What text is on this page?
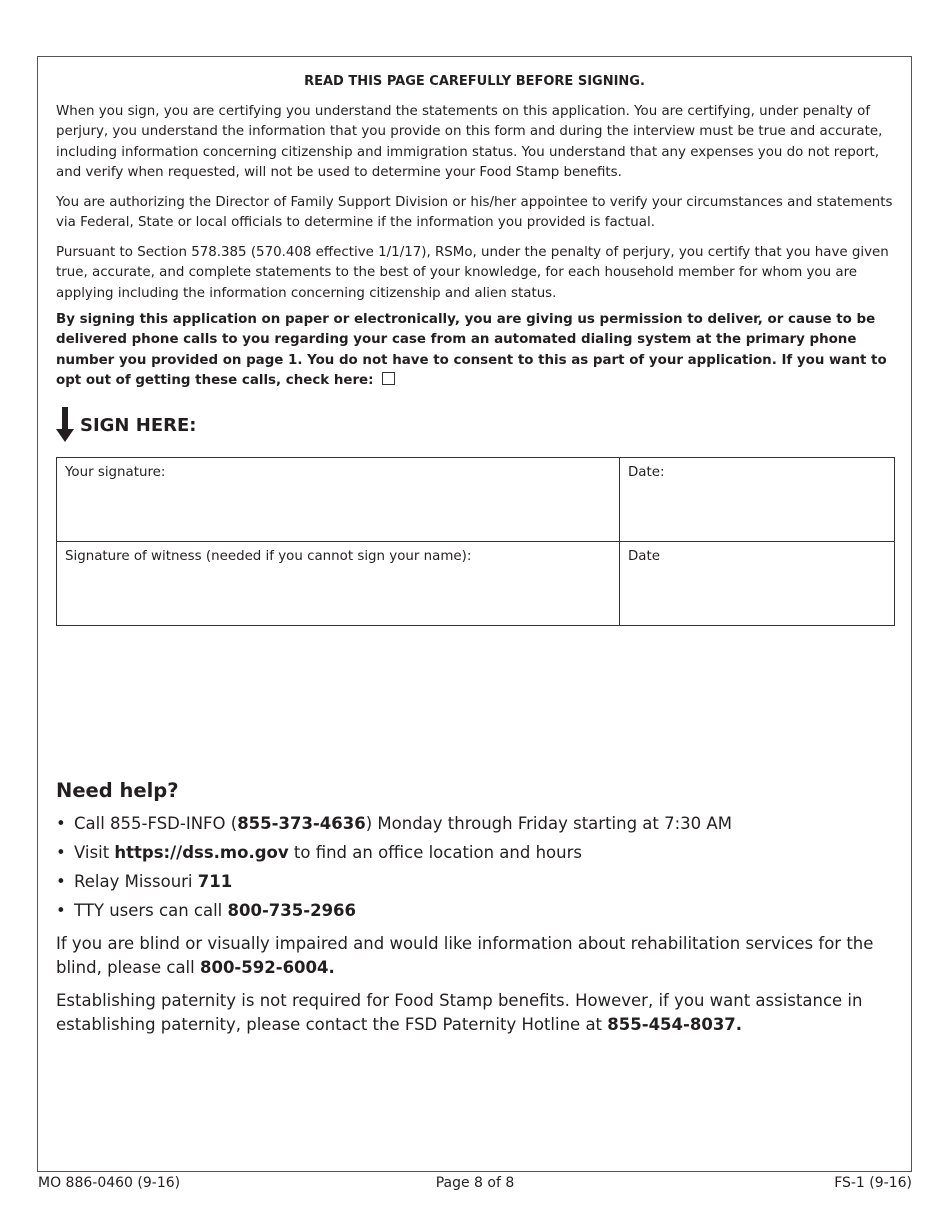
READ THIS PAGE CAREFULLY BEFORE SIGNING.

When you sign, you are certifying you understand the statements on this application. You are certifying, under penalty of perjury, you understand the information that you provide on this form and during the interview must be true and accurate, including information concerning citizenship and immigration status. You understand that any expenses you do not report, and verify when requested, will not be used to determine your Food Stamp benefits.

You are authorizing the Director of Family Support Division or his/her appointee to verify your circumstances and statements via Federal, State or local officials to determine if the information you provided is factual.

Pursuant to Section 578.385 (570.408 effective 1/1/17), RSMo, under the penalty of perjury, you certify that you have given true, accurate, and complete statements to the best of your knowledge, for each household member for whom you are applying including the information concerning citizenship and alien status.

By signing this application on paper or electronically, you are giving us permission to deliver, or cause to be delivered phone calls to you regarding your case from an automated dialing system at the primary phone number you provided on page 1. You do not have to consent to this as part of your application. If you want to opt out of getting these calls, check here:

SIGN HERE:
Your signature:	Date:
Signature of witness (needed if you cannot sign your name):	Date
Need help?
• Call 855-FSD-INFO (855-373-4636) Monday through Friday starting at 7:30 AM
• Visit https://dss.mo.gov to find an office location and hours
• Relay Missouri 711
• TTY users can call 800-735-2966

If you are blind or visually impaired and would like information about rehabilitation services for the blind, please call 800-592-6004.

Establishing paternity is not required for Food Stamp benefits. However, if you want assistance in establishing paternity, please contact the FSD Paternity Hotline at 855-454-8037.

MO 886-0460 (9-16)	Page 8 of 8	FS-1 (9-16)
